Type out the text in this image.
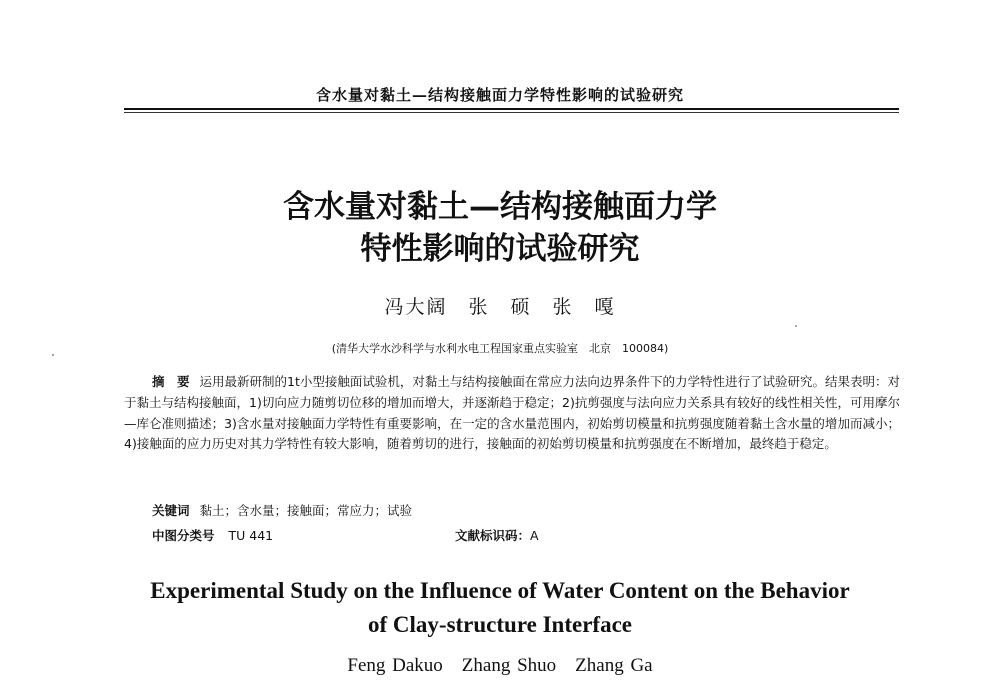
含水量对黏土—结构接触面力学特性影响的试验研究
含水量对黏土—结构接触面力学
特性影响的试验研究
冯大阔　张　硕　张　嘎
(清华大学水沙科学与水利水电工程国家重点实验室　北京　100084)
摘　要 运用最新研制的1t小型接触面试验机，对黏土与结构接触面在常应力法向边界条件下的力学特性进行了试验研究。结果表明：对于黏土与结构接触面，1)切向应力随剪切位移的增加而增大，并逐渐趋于稳定；2)抗剪强度与法向应力关系具有较好的线性相关性，可用摩尔—库仑准则描述；3)含水量对接触面力学特性有重要影响，在一定的含水量范围内，初始剪切模量和抗剪强度随着黏土含水量的增加而减小；4)接触面的应力历史对其力学特性有较大影响，随着剪切的进行，接触面的初始剪切模量和抗剪强度在不断增加，最终趋于稳定。
关键词 黏土；含水量；接触面；常应力；试验
中图分类号 TU 441	文献标识码：A
Experimental Study on the Influence of Water Content on the Behavior
of Clay-structure Interface
Feng Dakuo　Zhang Shuo　Zhang Ga
